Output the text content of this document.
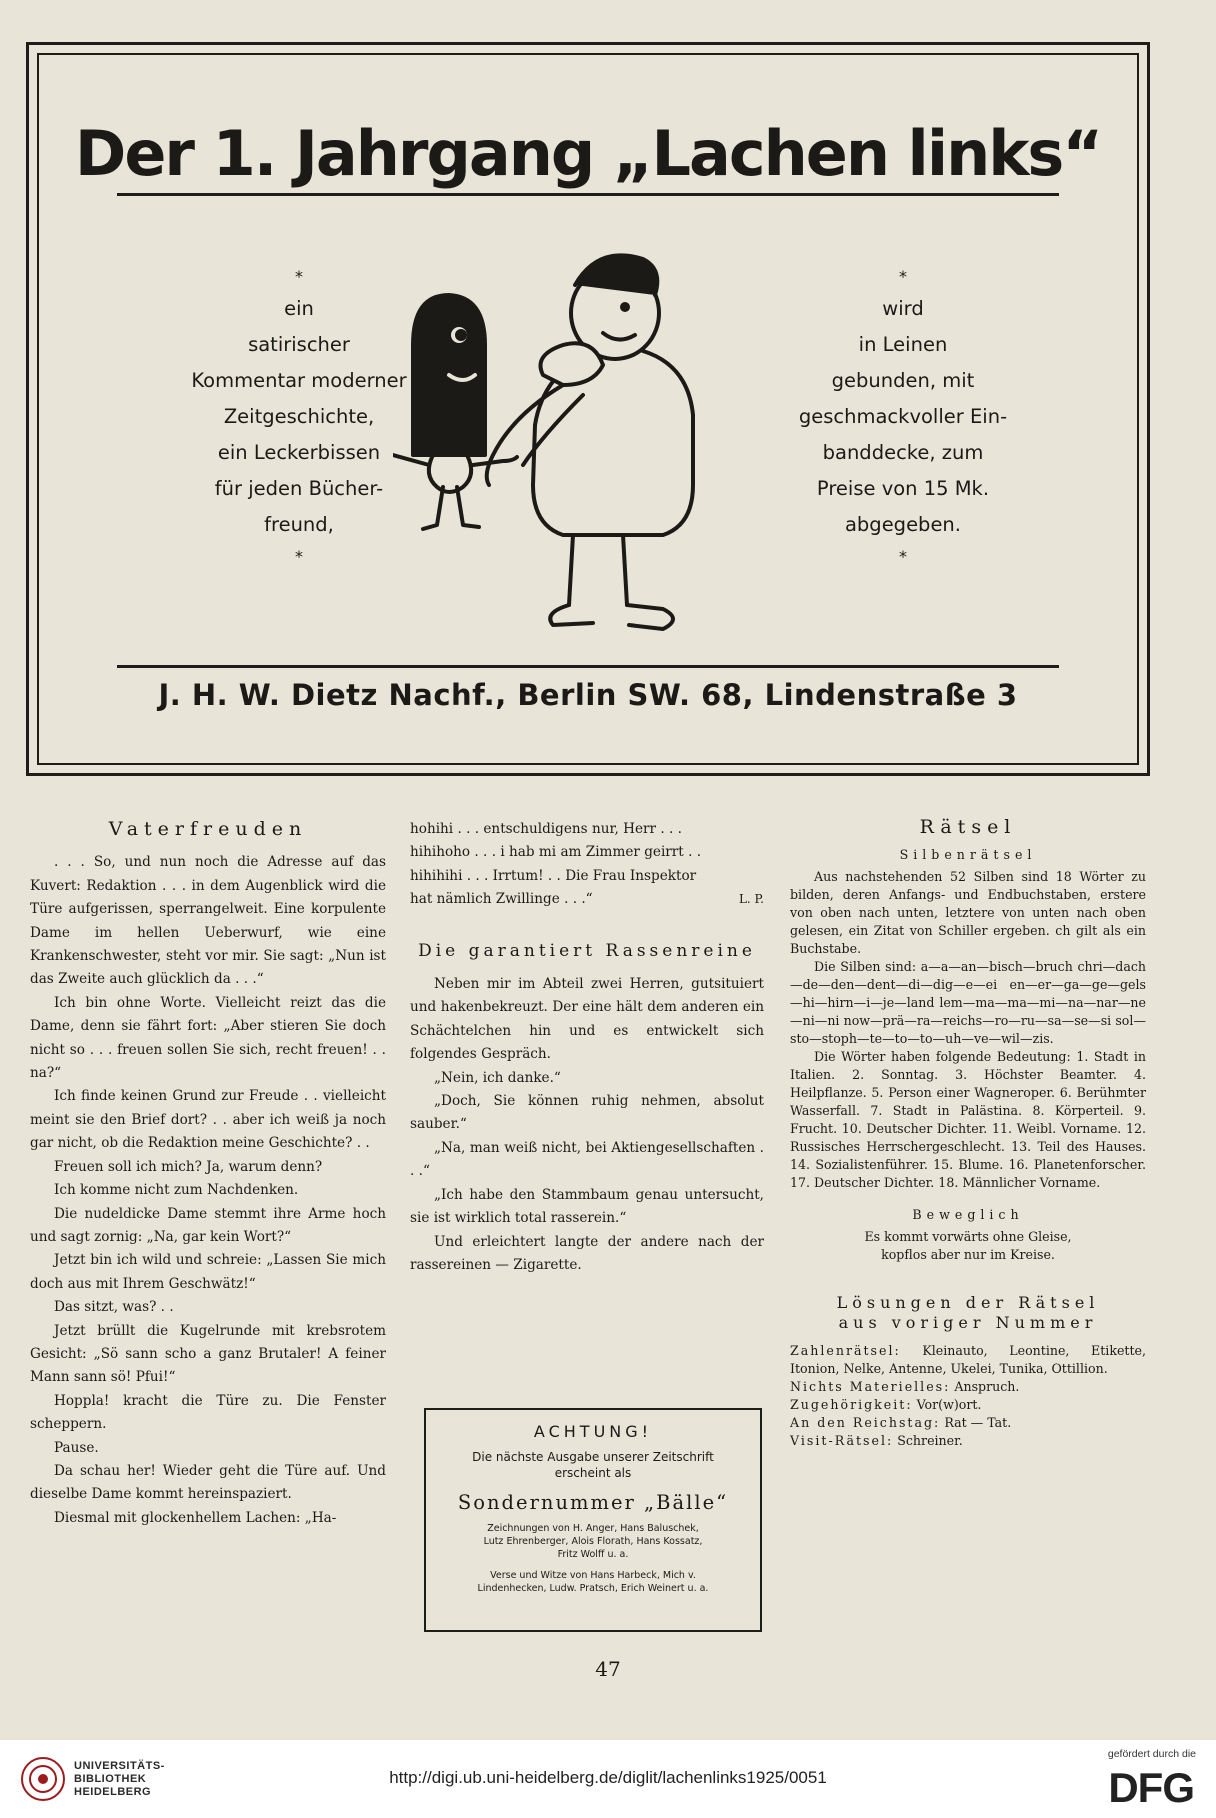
Der 1. Jahrgang „Lachen links“
*
ein
satirischer
Kommentar moderner
Zeitgeschichte,
ein Leckerbissen
für jeden Bücher-
freund,
*
*
wird
in Leinen
gebunden, mit
geschmackvoller Ein-
banddecke, zum
Preise von 15 Mk.
abgegeben.
*
J. H. W. Dietz Nachf., Berlin SW. 68, Lindenstraße 3
Vaterfreuden

. . . So, und nun noch die Adresse auf das Kuvert: Redaktion . . . in dem Augenblick wird die Türe aufgerissen, sperrangelweit. Eine korpulente Dame im hellen Ueberwurf, wie eine Krankenschwester, steht vor mir. Sie sagt: „Nun ist das Zweite auch glücklich da . . .“

Ich bin ohne Worte. Vielleicht reizt das die Dame, denn sie fährt fort: „Aber stieren Sie doch nicht so . . . freuen sollen Sie sich, recht freuen! . . na?“

Ich finde keinen Grund zur Freude . . vielleicht meint sie den Brief dort? . . aber ich weiß ja noch gar nicht, ob die Redaktion meine Geschichte? . .

Freuen soll ich mich? Ja, warum denn?

Ich komme nicht zum Nachdenken.

Die nudeldicke Dame stemmt ihre Arme hoch und sagt zornig: „Na, gar kein Wort?“

Jetzt bin ich wild und schreie: „Lassen Sie mich doch aus mit Ihrem Geschwätz!“

Das sitzt, was? . .

Jetzt brüllt die Kugelrunde mit krebsrotem Gesicht: „Sö sann scho a ganz Brutaler! A feiner Mann sann sö! Pfui!“

Hoppla! kracht die Türe zu. Die Fenster scheppern.

Pause.

Da schau her! Wieder geht die Türe auf. Und dieselbe Dame kommt hereinspaziert.

Diesmal mit glockenhellem Lachen: „Ha-

hohihi . . . entschuldigens nur, Herr . . .

hihihoho . . . i hab mi am Zimmer geirrt . .

hihihihi . . . Irrtum! . . Die Frau Inspektor

hat nämlich Zwillinge . . .“	L. P.

Die garantiert Rassenreine

Neben mir im Abteil zwei Herren, gutsituiert und hakenbekreuzt. Der eine hält dem anderen ein Schächtelchen hin und es entwickelt sich folgendes Gespräch.

„Nein, ich danke.“

„Doch, Sie können ruhig nehmen, absolut sauber.“

„Na, man weiß nicht, bei Aktiengesellschaften . . .“

„Ich habe den Stammbaum genau untersucht, sie ist wirklich total rasserein.“

Und erleichtert langte der andere nach der rassereinen — Zigarette.

ACHTUNG!
Die nächste Ausgabe unserer Zeitschrift
erscheint als
Sondernummer „Bälle“
Zeichnungen von H. Anger, Hans Baluschek,
Lutz Ehrenberger, Alois Florath, Hans Kossatz,
Fritz Wolff u. a.
Verse und Witze von Hans Harbeck, Mich v.
Lindenhecken, Ludw. Pratsch, Erich Weinert u. a.
Rätsel
Silbenrätsel

Aus nachstehenden 52 Silben sind 18 Wörter zu bilden, deren Anfangs- und Endbuchstaben, erstere von oben nach unten, letztere von unten nach oben gelesen, ein Zitat von Schiller ergeben. ch gilt als ein Buchstabe.

Die Silben sind: a—a—an—bisch—bruch chri—dach—de—den—dent—di—dig—e—ei en—er—ga—ge—gels—hi—hirn—i—je—land lem—ma—ma—mi—na—nar—ne—ni—ni now—prä—ra—reichs—ro—ru—sa—se—si sol—sto—stoph—te—to—to—uh—ve—wil—zis.

Die Wörter haben folgende Bedeutung: 1. Stadt in Italien. 2. Sonntag. 3. Höchster Beamter. 4. Heilpflanze. 5. Person einer Wagneroper. 6. Berühmter Wasserfall. 7. Stadt in Palästina. 8. Körperteil. 9. Frucht. 10. Deutscher Dichter. 11. Weibl. Vorname. 12. Russisches Herrschergeschlecht. 13. Teil des Hauses. 14. Sozialistenführer. 15. Blume. 16. Planetenforscher. 17. Deutscher Dichter. 18. Männlicher Vorname.

Beweglich
Es kommt vorwärts ohne Gleise,
kopflos aber nur im Kreise.
Lösungen der Rätsel
aus voriger Nummer

Zahlenrätsel: Kleinauto, Leontine, Etikette, Itonion, Nelke, Antenne, Ukelei, Tunika, Ottillion.

Nichts Materielles: Anspruch.

Zugehörigkeit: Vor(w)ort.

An den Reichstag: Rat — Tat.

Visit-Rätsel: Schreiner.

47
UNIVERSITÄTS-
BIBLIOTHEK
HEIDELBERG
http://digi.ub.uni-heidelberg.de/diglit/lachenlinks1925/0051
gefördert durch die
DFG
